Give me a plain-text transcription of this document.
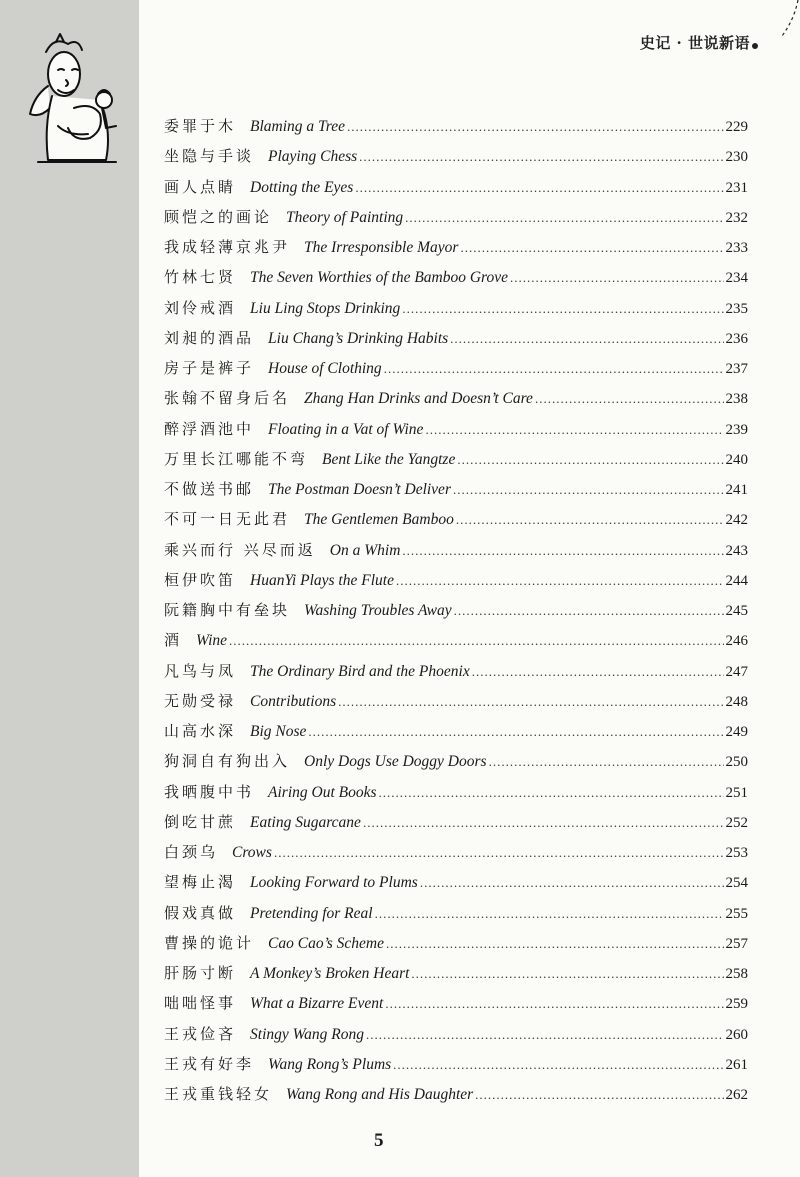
史记 · 世说新语
委罪于木 Blaming a Tree .....	229
坐隐与手谈 Playing Chess .....	230
画人点睛 Dotting the Eyes .....	231
顾恺之的画论 Theory of Painting .....	232
我成轻薄京兆尹 The Irresponsible Mayor .....	233
竹林七贤 The Seven Worthies of the Bamboo Grove .....	234
刘伶戒酒 Liu Ling Stops Drinking .....	235
刘昶的酒品 Liu Chang’s Drinking Habits .....	236
房子是裤子 House of Clothing .....	237
张翰不留身后名 Zhang Han Drinks and Doesn’t Care .....	238
醉浮酒池中 Floating in a Vat of Wine .....	239
万里长江哪能不弯 Bent Like the Yangtze .....	240
不做送书邮 The Postman Doesn’t Deliver .....	241
不可一日无此君 The Gentlemen Bamboo .....	242
乘兴而行 兴尽而返 On a Whim .....	243
桓伊吹笛 HuanYi Plays the Flute .....	244
阮籍胸中有垒块 Washing Troubles Away .....	245
酒 Wine .....	246
凡鸟与凤 The Ordinary Bird and the Phoenix .....	247
无勋受禄 Contributions .....	248
山高水深 Big Nose .....	249
狗洞自有狗出入 Only Dogs Use Doggy Doors .....	250
我晒腹中书 Airing Out Books .....	251
倒吃甘蔗 Eating Sugarcane .....	252
白颈乌 Crows .....	253
望梅止渴 Looking Forward to Plums .....	254
假戏真做 Pretending for Real .....	255
曹操的诡计 Cao Cao’s Scheme .....	257
肝肠寸断 A Monkey’s Broken Heart .....	258
咄咄怪事 What a Bizarre Event .....	259
王戎俭吝 Stingy Wang Rong .....	260
王戎有好李 Wang Rong’s Plums .....	261
王戎重钱轻女 Wang Rong and His Daughter .....	262
5
